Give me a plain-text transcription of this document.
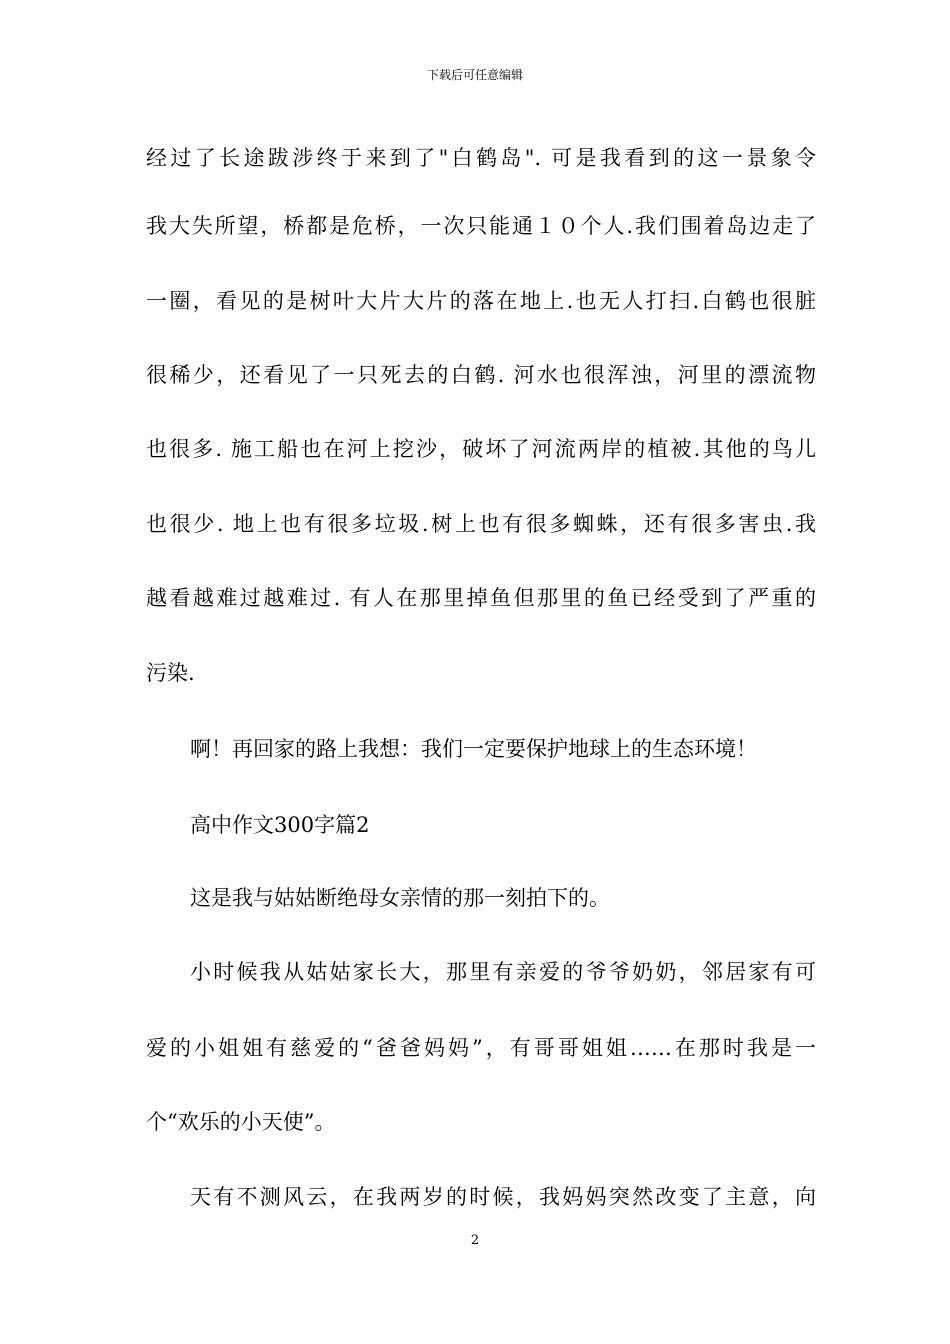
下载后可任意编辑
经过了长途跋涉终于来到了"白鹤岛". 可是我看到的这一景象令
我大失所望，桥都是危桥，一次只能通１０个人.我们围着岛边走了
一圈，看见的是树叶大片大片的落在地上.也无人打扫.白鹤也很脏
很稀少，还看见了一只死去的白鹤. 河水也很浑浊，河里的漂流物
也很多. 施工船也在河上挖沙，破坏了河流两岸的植被.其他的鸟儿
也很少. 地上也有很多垃圾.树上也有很多蜘蛛，还有很多害虫.我
越看越难过越难过. 有人在那里掉鱼但那里的鱼已经受到了严重的
污染.
啊！再回家的路上我想：我们一定要保护地球上的生态环境！
高中作文300字篇2
这是我与姑姑断绝母女亲情的那一刻拍下的。
小时候我从姑姑家长大，那里有亲爱的爷爷奶奶，邻居家有可
爱的小姐姐有慈爱的“爸爸妈妈”，有哥哥姐姐……在那时我是一
个“欢乐的小天使”。
天有不测风云，在我两岁的时候，我妈妈突然改变了主意，向
2
